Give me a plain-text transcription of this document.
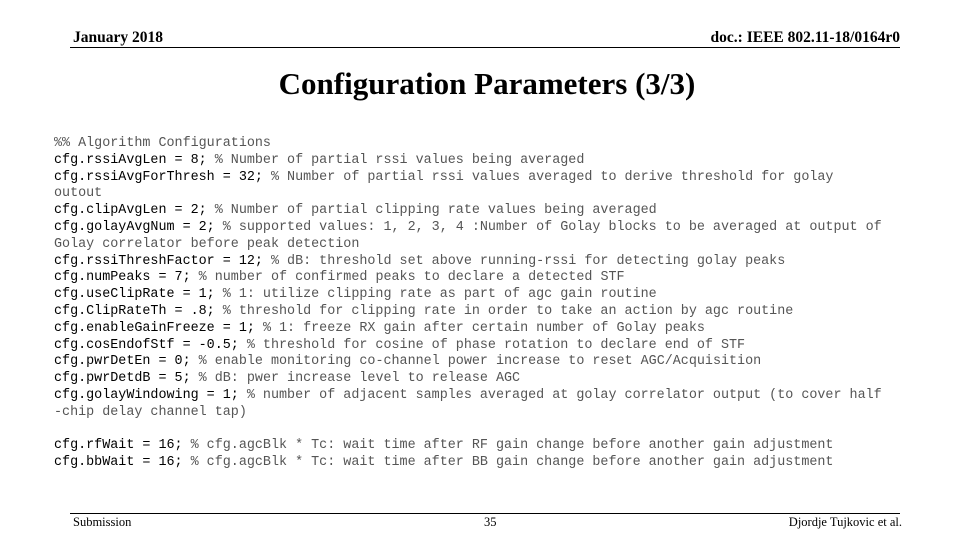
January 2018	doc.: IEEE 802.11-18/0164r0
Configuration Parameters (3/3)
%% Algorithm Configurations
cfg.rssiAvgLen = 8; % Number of partial rssi values being averaged
cfg.rssiAvgForThresh = 32; % Number of partial rssi values averaged to derive threshold for golay
outout
cfg.clipAvgLen = 2; % Number of partial clipping rate values being averaged
cfg.golayAvgNum = 2; % supported values: 1, 2, 3, 4 :Number of Golay blocks to be averaged at output of
Golay correlator before peak detection
cfg.rssiThreshFactor = 12; % dB: threshold set above running-rssi for detecting golay peaks
cfg.numPeaks = 7; % number of confirmed peaks to declare a detected STF
cfg.useClipRate = 1; % 1: utilize clipping rate as part of agc gain routine
cfg.ClipRateTh = .8; % threshold for clipping rate in order to take an action by agc routine
cfg.enableGainFreeze = 1; % 1: freeze RX gain after certain number of Golay peaks
cfg.cosEndofStf = -0.5; % threshold for cosine of phase rotation to declare end of STF
cfg.pwrDetEn = 0; % enable monitoring co-channel power increase to reset AGC/Acquisition
cfg.pwrDetdB = 5; % dB: pwer increase level to release AGC
cfg.golayWindowing = 1; % number of adjacent samples averaged at golay correlator output (to cover half
-chip delay channel tap)
cfg.rfWait = 16; % cfg.agcBlk * Tc: wait time after RF gain change before another gain adjustment
cfg.bbWait = 16; % cfg.agcBlk * Tc: wait time after BB gain change before another gain adjustment
Submission	35	Djordje Tujkovic et al.
